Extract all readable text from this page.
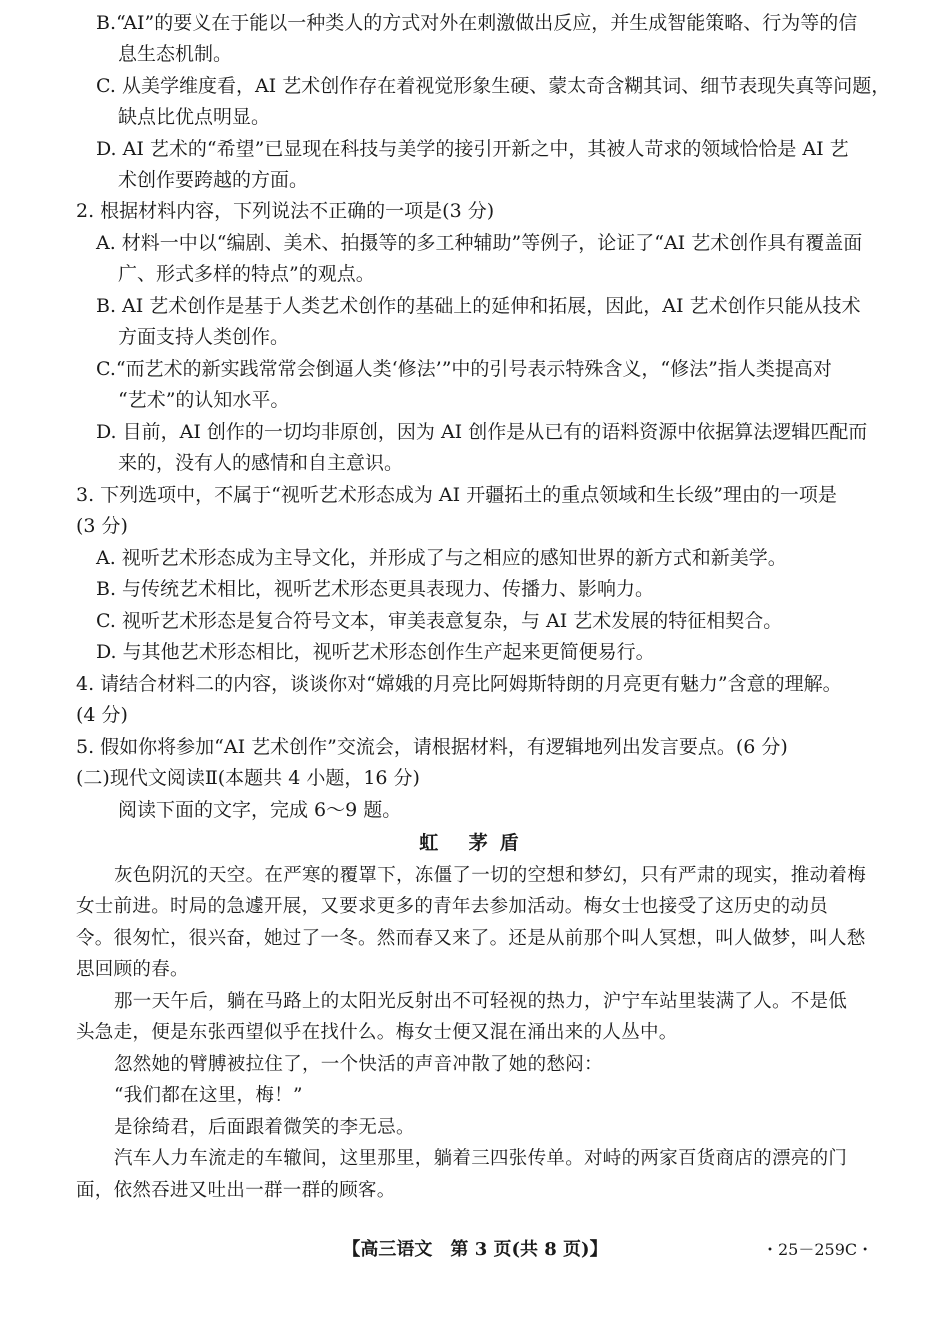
B.“AI”的要义在于能以一种类人的方式对外在刺激做出反应，并生成智能策略、行为等的信
息生态机制。
C. 从美学维度看，AI 艺术创作存在着视觉形象生硬、蒙太奇含糊其词、细节表现失真等问题，
缺点比优点明显。
D. AI 艺术的“希望”已显现在科技与美学的接引开新之中，其被人苛求的领域恰恰是 AI 艺
术创作要跨越的方面。
2. 根据材料内容，下列说法不正确的一项是(3 分)
A. 材料一中以“编剧、美术、拍摄等的多工种辅助”等例子，论证了“AI 艺术创作具有覆盖面
广、形式多样的特点”的观点。
B. AI 艺术创作是基于人类艺术创作的基础上的延伸和拓展，因此，AI 艺术创作只能从技术
方面支持人类创作。
C.“而艺术的新实践常常会倒逼人类‘修法’”中的引号表示特殊含义，“修法”指人类提高对
“艺术”的认知水平。
D. 目前，AI 创作的一切均非原创，因为 AI 创作是从已有的语料资源中依据算法逻辑匹配而
来的，没有人的感情和自主意识。
3. 下列选项中，不属于“视听艺术形态成为 AI 开疆拓土的重点领域和生长级”理由的一项是
(3 分)
A. 视听艺术形态成为主导文化，并形成了与之相应的感知世界的新方式和新美学。
B. 与传统艺术相比，视听艺术形态更具表现力、传播力、影响力。
C. 视听艺术形态是复合符号文本，审美表意复杂，与 AI 艺术发展的特征相契合。
D. 与其他艺术形态相比，视听艺术形态创作生产起来更简便易行。
4. 请结合材料二的内容，谈谈你对“嫦娥的月亮比阿姆斯特朗的月亮更有魅力”含意的理解。
(4 分)
5. 假如你将参加“AI 艺术创作”交流会，请根据材料，有逻辑地列出发言要点。(6 分)
(二)现代文阅读Ⅱ(本题共 4 小题，16 分)
阅读下面的文字，完成 6～9 题。
虹 茅盾
灰色阴沉的天空。在严寒的覆罩下，冻僵了一切的空想和梦幻，只有严肃的现实，推动着梅
女士前进。时局的急遽开展，又要求更多的青年去参加活动。梅女士也接受了这历史的动员
令。很匆忙，很兴奋，她过了一冬。然而春又来了。还是从前那个叫人冥想，叫人做梦，叫人愁
思回顾的春。
那一天午后，躺在马路上的太阳光反射出不可轻视的热力，沪宁车站里装满了人。不是低
头急走，便是东张西望似乎在找什么。梅女士便又混在涌出来的人丛中。
忽然她的臂膊被拉住了，一个快活的声音冲散了她的愁闷：
“我们都在这里，梅！”
是徐绮君，后面跟着微笑的李无忌。
汽车人力车流走的车辙间，这里那里，躺着三四张传单。对峙的两家百货商店的漂亮的门
面，依然吞进又吐出一群一群的顾客。
【高三语文　第 3 页(共 8 页)】	・25－259C・
